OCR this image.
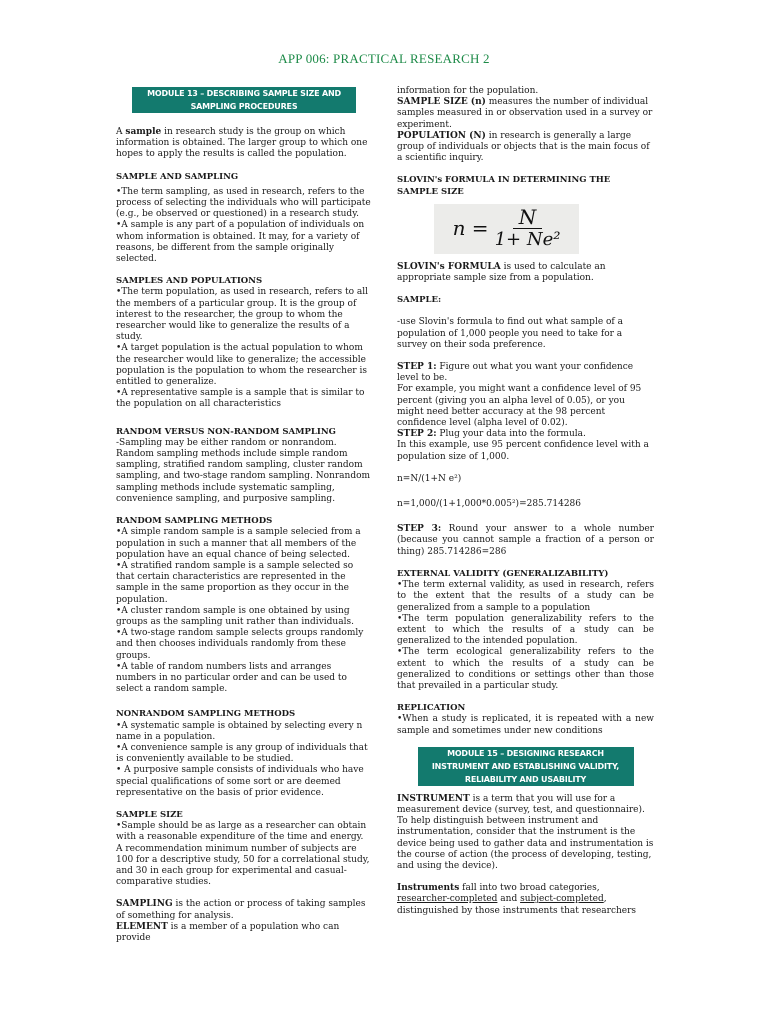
APP 006: PRACTICAL RESEARCH 2
MODULE 13 – DESCRIBING SAMPLE SIZE AND SAMPLING PROCEDURES

A sample in research study is the group on which information is obtained. The larger group to which one hopes to apply the results is called the population.

SAMPLE AND SAMPLING

•The term sampling, as used in research, refers to the process of selecting the individuals who will participate (e.g., be observed or questioned) in a research study.

•A sample is any part of a population of individuals on whom information is obtained. It may, for a variety of reasons, be different from the sample originally selected.

SAMPLES AND POPULATIONS

•The term population, as used in research, refers to all the members of a particular group. It is the group of interest to the researcher, the group to whom the researcher would like to generalize the results of a study.

•A target population is the actual population to whom the researcher would like to generalize; the accessible population is the population to whom the researcher is entitled to generalize.

•A representative sample is a sample that is similar to the population on all characteristics

RANDOM VERSUS NON-RANDOM SAMPLING

-Sampling may be either random or nonrandom. Random sampling methods include simple random sampling, stratified random sampling, cluster random sampling, and two-stage random sampling. Nonrandom sampling methods include systematic sampling, convenience sampling, and purposive sampling.

RANDOM SAMPLING METHODS

•A simple random sample is a sample selecied from a population in such a manner that all members of the population have an equal chance of being selected.

•A stratified random sample is a sample selected so that certain characteristics are represented in the sample in the same proportion as they occur in the population.

•A cluster random sample is one obtained by using groups as the sampling unit rather than individuals.

•A two-stage random sample selects groups randomly and then chooses individuals randomly from these groups.

•A table of random numbers lists and arranges numbers in no particular order and can be used to select a random sample.

NONRANDOM SAMPLING METHODS

•A systematic sample is obtained by selecting every n name in a population.

•A convenience sample is any group of individuals that is conveniently available to be studied.

• A purposive sample consists of individuals who have special qualifications of some sort or are deemed representative on the basis of prior evidence.

SAMPLE SIZE

•Sample should be as large as a researcher can obtain with a reasonable expenditure of the time and energy. A recommendation minimum number of subjects are 100 for a descriptive study, 50 for a correlational study, and 30 in each group for experimental and casual-comparative studies.

SAMPLING is the action or process of taking samples of something for analysis.

ELEMENT is a member of a population who can provide

information for the population.

SAMPLE SIZE (n) measures the number of individual samples measured in or observation used in a survey or experiment.

POPULATION (N) in research is generally a large group of individuals or objects that is the main focus of a scientific inquiry.

SLOVIN's FORMULA IN DETERMINING THE SAMPLE SIZE

$n = \frac{N}{\text{1+ Ne²}}$

SLOVIN's FORMULA is used to calculate an appropriate sample size from a population.

SAMPLE:

-use Slovin's formula to find out what sample of a population of 1,000 people you need to take for a survey on their soda preference.

STEP 1: Figure out what you want your confidence level to be.

For example, you might want a confidence level of 95 percent (giving you an alpha level of 0.05), or you might need better accuracy at the 98 percent confidence level (alpha level of 0.02).

STEP 2: Plug your data into the formula.

In this example, use 95 percent confidence level with a population size of 1,000.

n=N/(1+N e²)

n=1,000/(1+1,000*0.005²)=285.714286

STEP 3: Round your answer to a whole number (because you cannot sample a fraction of a person or thing) 285.714286=286

EXTERNAL VALIDITY (GENERALIZABILITY)

•The term external validity, as used in research, refers to the extent that the results of a study can be generalized from a sample to a population

•The term population generalizability refers to the extent to which the results of a study can be generalized to the intended population.

•The term ecological generalizability refers to the extent to which the results of a study can be generalized to conditions or settings other than those that prevailed in a particular study.

REPLICATION

•When a study is replicated, it is repeated with a new sample and sometimes under new conditions

MODULE 15 – DESIGNING RESEARCH INSTRUMENT AND ESTABLISHING VALIDITY, RELIABILITY AND USABILITY

INSTRUMENT is a term that you will use for a measurement device (survey, test, and questionnaire). To help distinguish between instrument and instrumentation, consider that the instrument is the device being used to gather data and instrumentation is the course of action (the process of developing, testing, and using the device).

Instruments fall into two broad categories, researcher-completed and subject-completed, distinguished by those instruments that researchers
